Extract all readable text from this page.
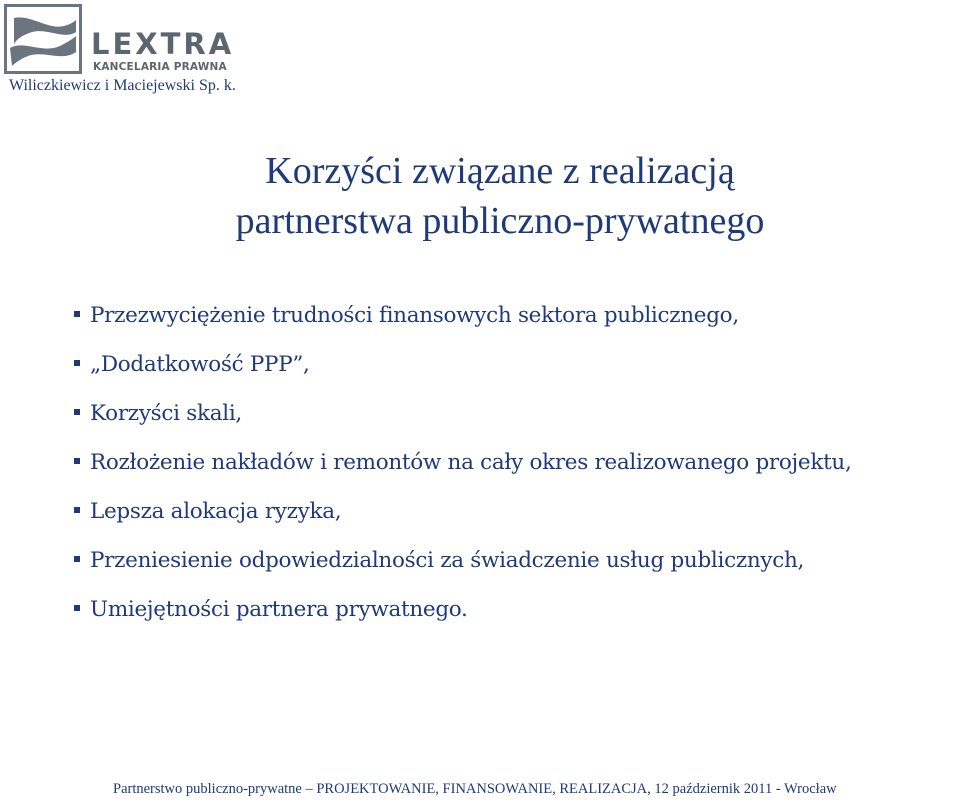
LEXTRA
KANCELARIA PRAWNA
Wiliczkiewicz i Maciejewski Sp. k.
Korzyści związane z realizacją
partnerstwa publiczno-prywatnego
Przezwyciężenie trudności finansowych sektora publicznego,
„Dodatkowość PPP”,
Korzyści skali,
Rozłożenie nakładów i remontów na cały okres realizowanego projektu,
Lepsza alokacja ryzyka,
Przeniesienie odpowiedzialności za świadczenie usług publicznych,
Umiejętności partnera prywatnego.
Partnerstwo publiczno-prywatne – PROJEKTOWANIE, FINANSOWANIE, REALIZACJA, 12 październik 2011 - Wrocław
